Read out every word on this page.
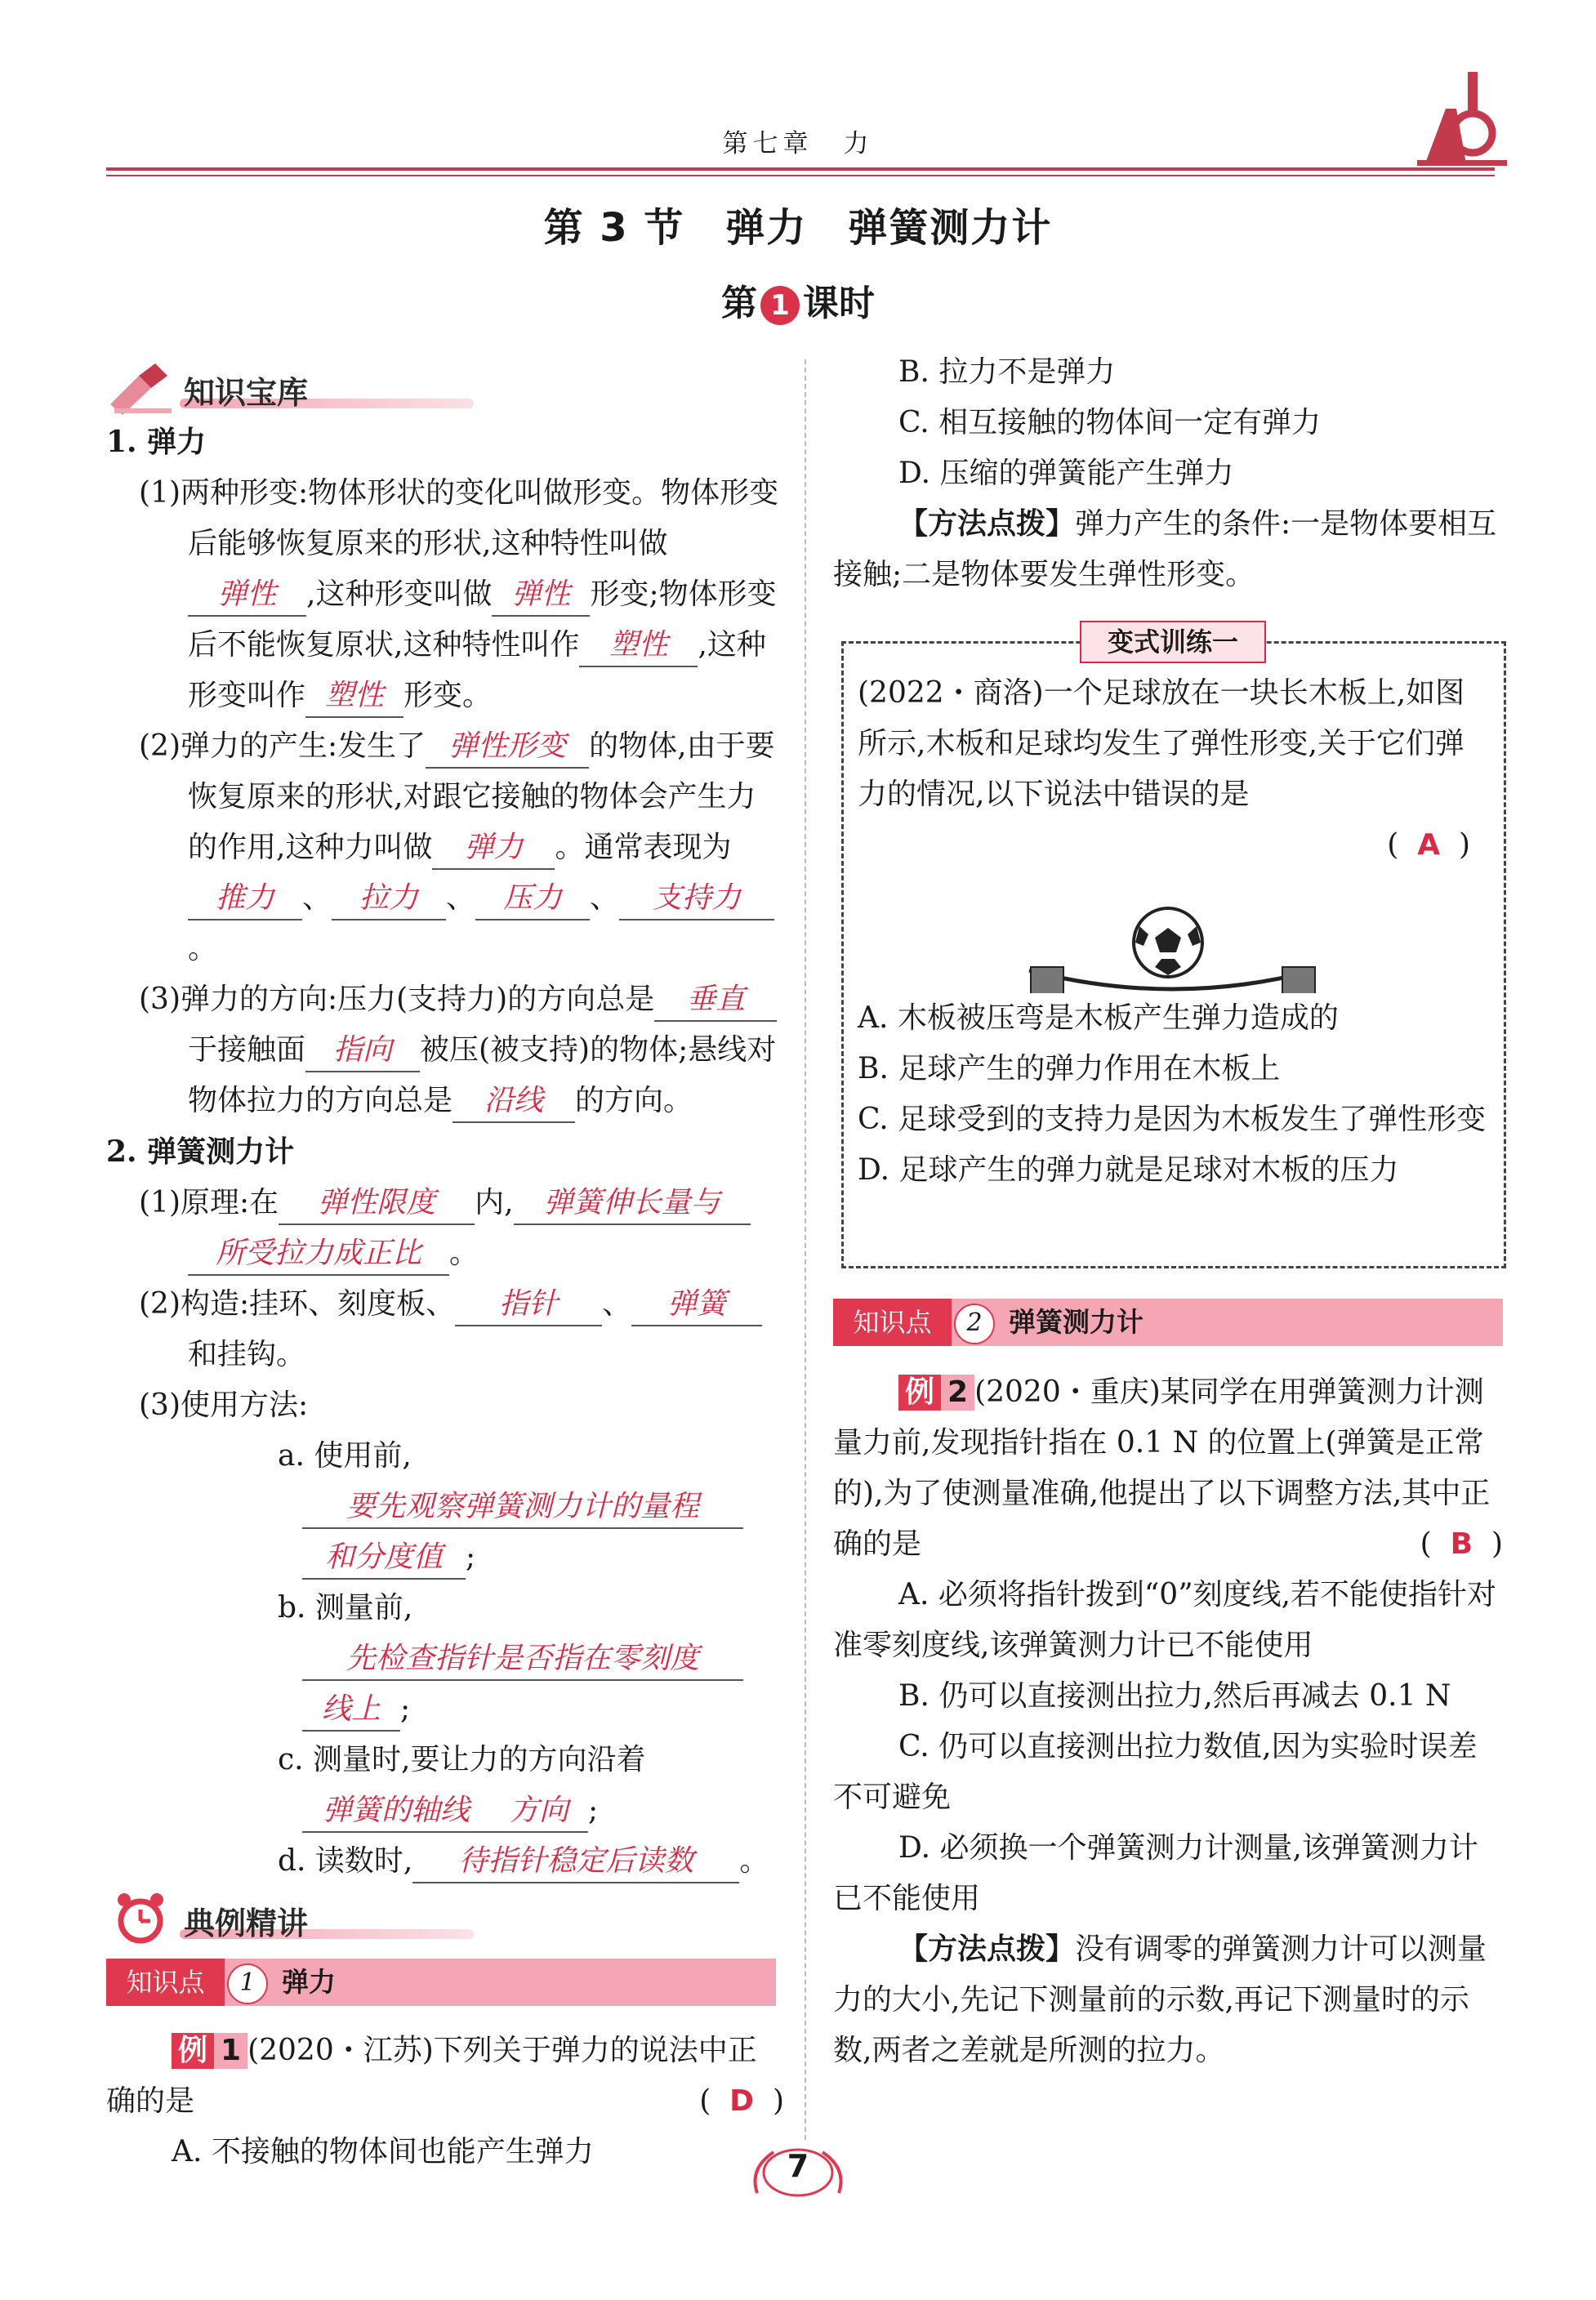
第七章　力
第 3 节　弹力　弹簧测力计
第 1 课时
知识宝库

1. 弹力

(1)两种形变:物体形状的变化叫做形变。物体形变后能够恢复原来的形状,这种特性叫做弹性 ,这种形变叫做 弹性 形变;物体形变后不能恢复原状,这种特性叫作 塑性 ,这种形变叫作 塑性 形变。

(2)弹力的产生:发生了 弹性形变 的物体,由于要恢复原来的形状,对跟它接触的物体会产生力的作用,这种力叫做 弹力 。通常表现为推力 、 拉力 、 压力 、 支持力。

(3)弹力的方向:压力(支持力)的方向总是 垂直于接触面 指向 被压(被支持)的物体;悬线对物体拉力的方向总是 沿线 的方向。

2. 弹簧测力计

(1)原理:在 弹性限度 内, 弹簧伸长量与所受拉力成正比 。

(2)构造:挂环、刻度板、 指针 、 弹簧和挂钩。

(3)使用方法:

a. 使用前,要先观察弹簧测力计的量程和分度值 ;

b. 测量前,先检查指针是否指在零刻度线上 ;

c. 测量时,要让力的方向沿着弹簧的轴线 方向 ;

d. 读数时, 待指针稳定后读数 。

典例精讲
知识点	1 弹力

例 1 (2020・江苏)下列关于弹力的说法中正确的是	( D )

A. 不接触的物体间也能产生弹力

B. 拉力不是弹力

C. 相互接触的物体间一定有弹力

D. 压缩的弹簧能产生弹力

【方法点拨】弹力产生的条件:一是物体要相互接触;二是物体要发生弹性形变。

变式训练一

(2022・商洛)一个足球放在一块长木板上,如图所示,木板和足球均发生了弹性形变,关于它们弹力的情况,以下说法中错误的是

( A )

A. 木板被压弯是木板产生弹力造成的

B. 足球产生的弹力作用在木板上

C. 足球受到的支持力是因为木板发生了弹性形变

D. 足球产生的弹力就是足球对木板的压力

知识点	2 弹簧测力计

例 2 (2020・重庆)某同学在用弹簧测力计测量力前,发现指针指在 0.1 N 的位置上(弹簧是正常的),为了使测量准确,他提出了以下调整方法,其中正确的是	( B )

A. 必须将指针拨到“0”刻度线,若不能使指针对准零刻度线,该弹簧测力计已不能使用

B. 仍可以直接测出拉力,然后再减去 0.1 N

C. 仍可以直接测出拉力数值,因为实验时误差不可避免

D. 必须换一个弹簧测力计测量,该弹簧测力计已不能使用

【方法点拨】没有调零的弹簧测力计可以测量力的大小,先记下测量前的示数,再记下测量时的示数,两者之差就是所测的拉力。

7
